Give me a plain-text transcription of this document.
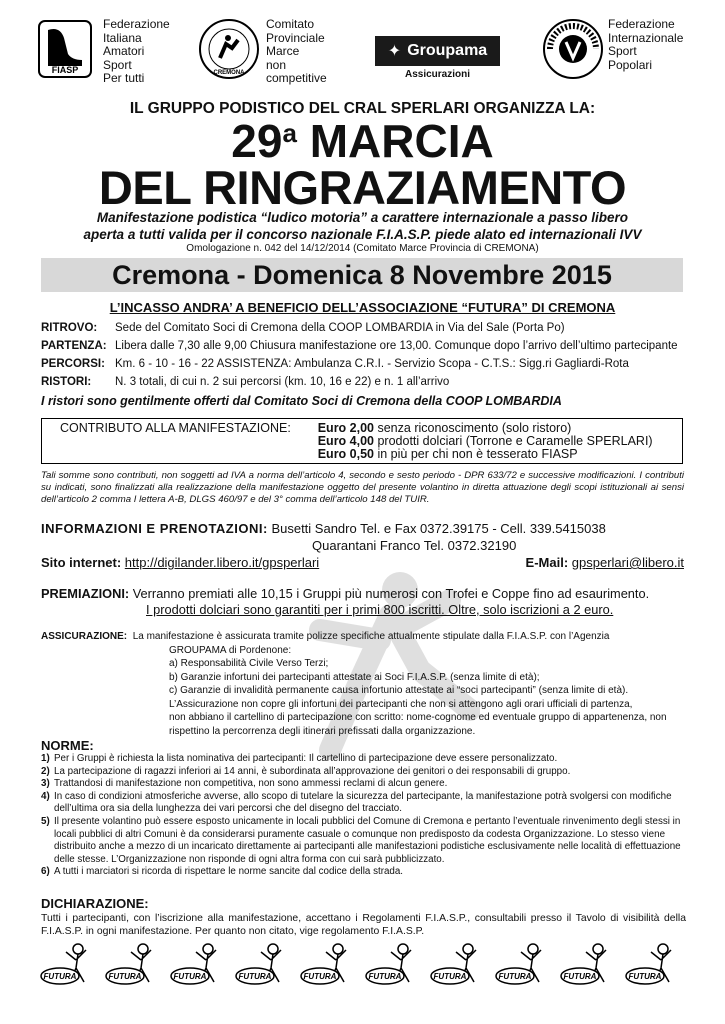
FIASP
Federazione
Italiana
Amatori
Sport
Per tutti	CREMONA
Comitato
Provinciale
Marce
non
competitive
✦ Groupama
Assicurazioni
Federazione
Internazionale
Sport
Popolari
IL GRUPPO PODISTICO DEL CRAL SPERLARI ORGANIZZA LA:
29$^a$ MARCIA
DEL RINGRAZIAMENTO
Manifestazione podistica “ludico motoria” a carattere internazionale a passo libero
aperta a tutti valida per il concorso nazionale F.I.A.S.P. piede alato ed internazionali IVV
Omologazione n. 042 del 14/12/2014 (Comitato Marce Provincia di CREMONA)
Cremona - Domenica 8 Novembre 2015
L’INCASSO ANDRA’ A BENEFICIO DELL’ASSOCIAZIONE “FUTURA” DI CREMONA
RITROVO: Sede del Comitato Soci di Cremona della COOP LOMBARDIA in Via del Sale (Porta Po)
PARTENZA: Libera dalle 7,30 alle 9,00 Chiusura manifestazione ore 13,00. Comunque dopo l’arrivo dell’ultimo partecipante
PERCORSI: Km. 6 - 10 - 16 - 22 ASSISTENZA: Ambulanza C.R.I. - Servizio Scopa - C.T.S.: Sigg.ri Gagliardi-Rota
RISTORI: N. 3 totali, di cui n. 2 sui percorsi (km. 10, 16 e 22) e n. 1 all’arrivo
I ristori sono gentilmente offerti dal Comitato Soci di Cremona della COOP LOMBARDIA
CONTRIBUTO ALLA MANIFESTAZIONE:	Euro 2,00 senza riconoscimento (solo ristoro)
Euro 4,00 prodotti dolciari (Torrone e Caramelle SPERLARI)
Euro 0,50 in più per chi non è tesserato FIASP
Tali somme sono contributi, non soggetti ad IVA a norma dell’articolo 4, secondo e sesto periodo - DPR 633/72 e successive modificazioni. I contributi su indicati, sono finalizzati alla realizzazione della manifestazione oggetto del presente volantino in diretta attuazione degli scopi istituzionali ai sensi dell’articolo 2 comma I lettera A-B, DLGS 460/97 e del 3° comma dell’articolo 148 del TUIR.
INFORMAZIONI E PRENOTAZIONI: Busetti Sandro Tel. e Fax 0372.39175 - Cell. 339.5415038
Quarantani Franco Tel. 0372.32190
Sito internet: http://digilander.libero.it/gpsperlari	E-Mail: gpsperlari@libero.it
PREMIAZIONI: Verranno premiati alle 10,15 i Gruppi più numerosi con Trofei e Coppe fino ad esaurimento.
I prodotti dolciari sono garantiti per i primi 800 iscritti. Oltre, solo iscrizioni a 2 euro.
ASSICURAZIONE: La manifestazione è assicurata tramite polizze specifiche attualmente stipulate dalla F.I.A.S.P. con l’Agenzia
GROUPAMA di Pordenone:
a) Responsabilità Civile Verso Terzi;
b) Garanzie infortuni dei partecipanti attestate ai Soci F.I.A.S.P. (senza limite di età);
c) Garanzie di invalidità permanente causa infortunio attestate ai “soci partecipanti” (senza limite di età).
L’Assicurazione non copre gli infortuni dei partecipanti che non si attengono agli orari ufficiali di partenza,
non abbiano il cartellino di partecipazione con scritto: nome-cognome ed eventuale gruppo di appartenenza, non rispettino la percorrenza degli itinerari prefissati dalla organizzazione.
NORME:
1) Per i Gruppi è richiesta la lista nominativa dei partecipanti: Il cartellino di partecipazione deve essere personalizzato.
2) La partecipazione di ragazzi inferiori ai 14 anni, è subordinata all’approvazione dei genitori o dei responsabili di gruppo.
3) Trattandosi di manifestazione non competitiva, non sono ammessi reclami di alcun genere.
4) In caso di condizioni atmosferiche avverse, allo scopo di tutelare la sicurezza del partecipante, la manifestazione potrà svolgersi con modifiche dell’ultima ora sia della lunghezza dei vari percorsi che del disegno del tracciato.
5) Il presente volantino può essere esposto unicamente in locali pubblici del Comune di Cremona e pertanto l’eventuale rinvenimento degli stessi in locali pubblici di altri Comuni è da considerarsi puramente casuale o comunque non predisposto da codesta Organizzazione. Lo stesso viene distribuito anche a mezzo di un incaricato direttamente ai partecipanti alle manifestazioni podistiche esclusivamente nelle località di effettuazione delle stesse. L’Organizzazione non risponde di ogni altra forma con cui sarà pubblicizzato.
6) A tutti i marciatori si ricorda di rispettare le norme sancite dal codice della strada.
DICHIARAZIONE:
Tutti i partecipanti, con l’iscrizione alla manifestazione, accettano i Regolamenti F.I.A.S.P., consultabili presso il Tavolo di visibilità della F.I.A.S.P. in ogni manifestazione. Per quanto non citato, vige regolamento F.I.A.S.P.
FUTURA	FUTURA	FUTURA	FUTURA	FUTURA	FUTURA	FUTURA	FUTURA	FUTURA	FUTURA
